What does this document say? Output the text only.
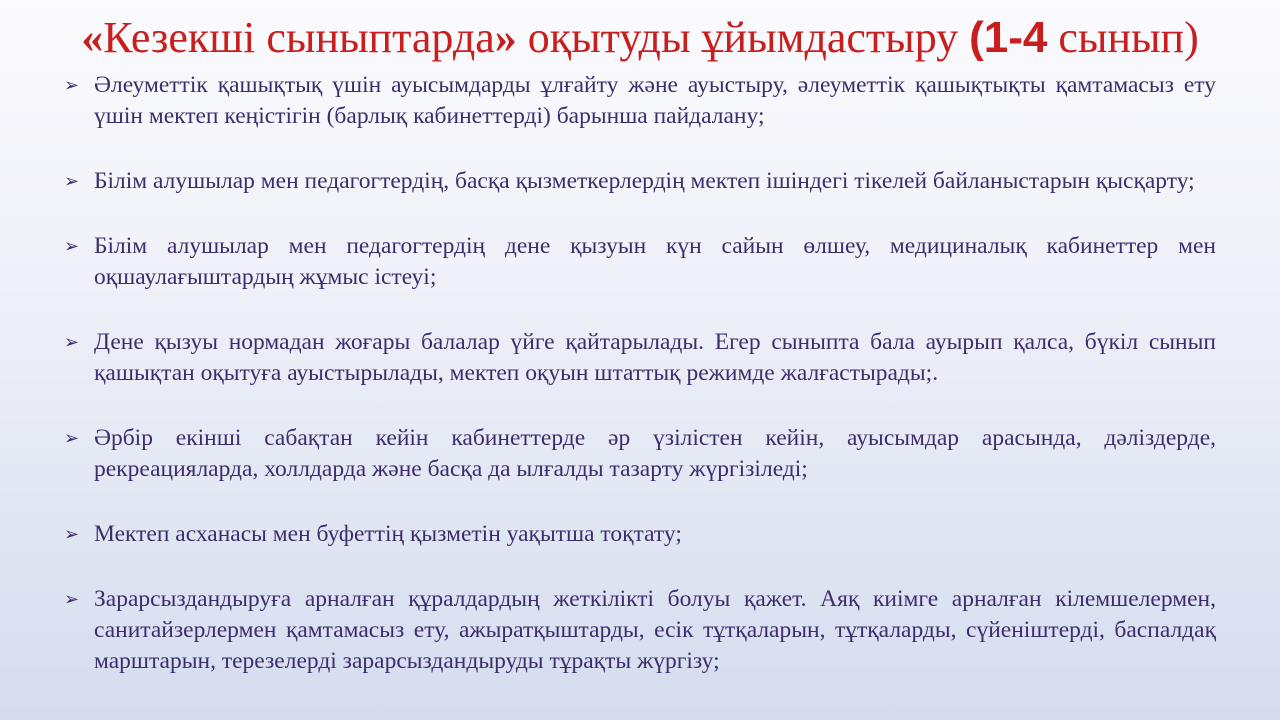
«Кезекші сыныптарда» оқытуды ұйымдастыру (1-4 сынып)
➢ Әлеуметтік қашықтық үшін ауысымдарды ұлғайту және ауыстыру, әлеуметтік қашықтықты қамтамасыз ету үшін мектеп кеңістігін (барлық кабинеттерді) барынша пайдалану;
➢ Білім алушылар мен педагогтердің, басқа қызметкерлердің мектеп ішіндегі тікелей байланыстарын қысқарту;
➢ Білім алушылар мен педагогтердің дене қызуын күн сайын өлшеу, медициналық кабинеттер мен оқшаулағыштардың жұмыс істеуі;
➢ Дене қызуы нормадан жоғары балалар үйге қайтарылады. Егер сыныпта бала ауырып қалса, бүкіл сынып қашықтан оқытуға ауыстырылады, мектеп оқуын штаттық режимде жалғастырады;.
➢ Әрбір екінші сабақтан кейін кабинеттерде әр үзілістен кейін, ауысымдар арасында, дәліздерде, рекреацияларда, холлдарда және басқа да ылғалды тазарту жүргізіледі;
➢ Мектеп асханасы мен буфеттің қызметін уақытша тоқтату;
➢ Зарарсыздандыруға арналған құралдардың жеткілікті болуы қажет. Аяқ киімге арналған кілемшелермен, санитайзерлермен қамтамасыз ету, ажыратқыштарды, есік тұтқаларын, тұтқаларды, сүйеніштерді, баспалдақ марштарын, терезелерді зарарсыздандыруды тұрақты жүргізу;
